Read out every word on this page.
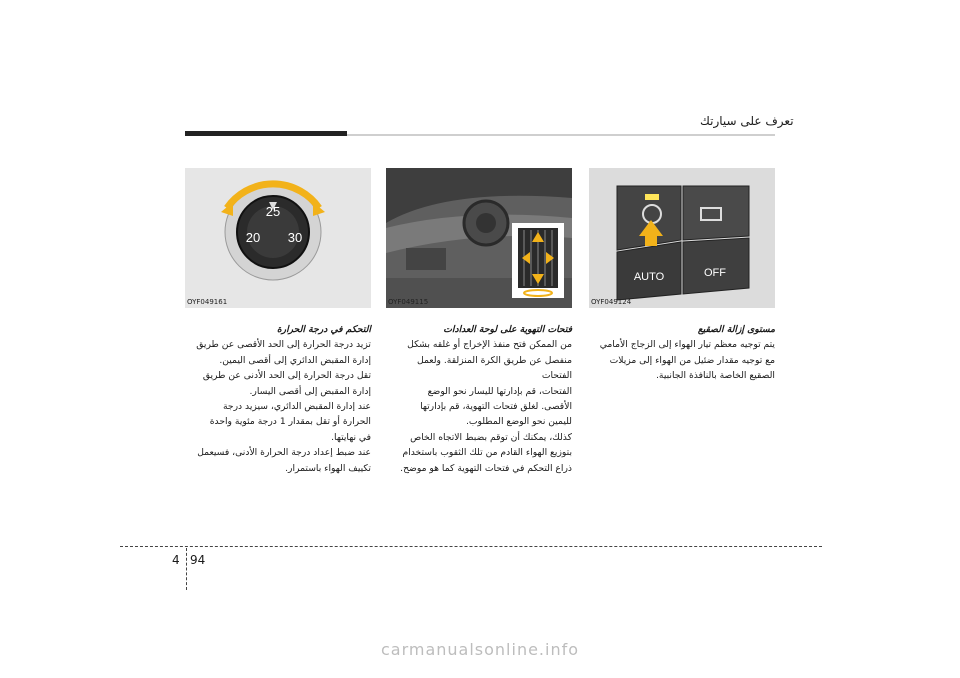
تعرف على سيارتك
25
20 30
OYF049161	OYF049115
AUTO	OFF
OYF049124

مستوى إزالة الصقيع

يتم توجيه معظم تيار الهواء إلى الزجاج الأمامي

مع توجيه مقدار ضئيل من الهواء إلى مزيلات

الصقيع الخاصة بالنافذة الجانبية.

فتحات التهوية على لوحة العدادات

من الممكن فتح منفذ الإخراج أو غلقه بشكل

منفصل عن طريق الكرة المنزلقة. ولعمل الفتحات

الفتحات، قم بإدارتها لليسار نحو الوضع

الأقصى. لغلق فتحات التهوية، قم بإدارتها

لليمين نحو الوضع المطلوب.

كذلك، يمكنك أن توقم بضبط الاتجاه الخاص

بتوزيع الهواء القادم من تلك الثقوب باستخدام

ذراع التحكم في فتحات التهوية كما هو موضح.

التحكم في درجة الحرارة

تزيد درجة الحرارة إلى الحد الأقصى عن طريق

إدارة المقبض الدائري إلى أقصى اليمين.

تقل درجة الحرارة إلى الحد الأدنى عن طريق

إدارة المقبض إلى أقصى اليسار.

عند إدارة المقبض الدائري، سيزيد درجة

الحرارة أو تقل بمقدار 1 درجة مئوية واحدة

في نهايتها.

عند ضبط إعداد درجة الحرارة الأدنى، فسيعمل

تكييف الهواء باستمرار.

4 94
carmanualsonline.info
